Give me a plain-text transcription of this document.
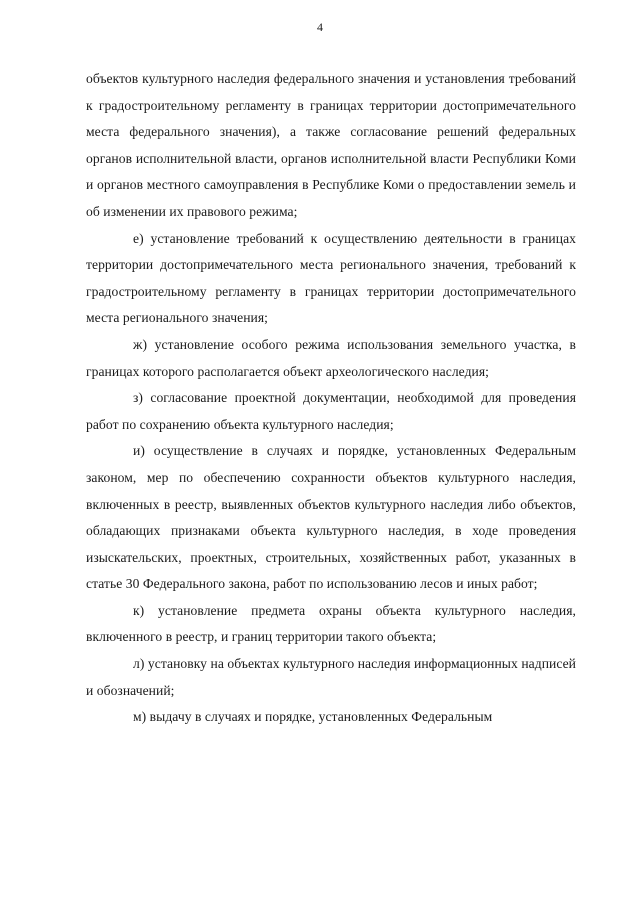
4

объектов культурного наследия федерального значения и установления требований к градостроительному регламенту в границах территории достопримечательного места федерального значения), а также согласование решений федеральных органов исполнительной власти, органов исполнительной власти Республики Коми и органов местного самоуправления в Республике Коми о предоставлении земель и об изменении их правового режима;

е) установление требований к осуществлению деятельности в границах территории достопримечательного места регионального значения, требований к градостроительному регламенту в границах территории достопримечательного места регионального значения;

ж) установление особого режима использования земельного участка, в границах которого располагается объект археологического наследия;

з) согласование проектной документации, необходимой для проведения работ по сохранению объекта культурного наследия;

и) осуществление в случаях и порядке, установленных Федеральным законом, мер по обеспечению сохранности объектов культурного наследия, включенных в реестр, выявленных объектов культурного наследия либо объектов, обладающих признаками объекта культурного наследия, в ходе проведения изыскательских, проектных, строительных, хозяйственных работ, указанных в статье 30 Федерального закона, работ по использованию лесов и иных работ;

к) установление предмета охраны объекта культурного наследия, включенного в реестр, и границ территории такого объекта;

л) установку на объектах культурного наследия информационных надписей и обозначений;

м) выдачу в случаях и порядке, установленных Федеральным
